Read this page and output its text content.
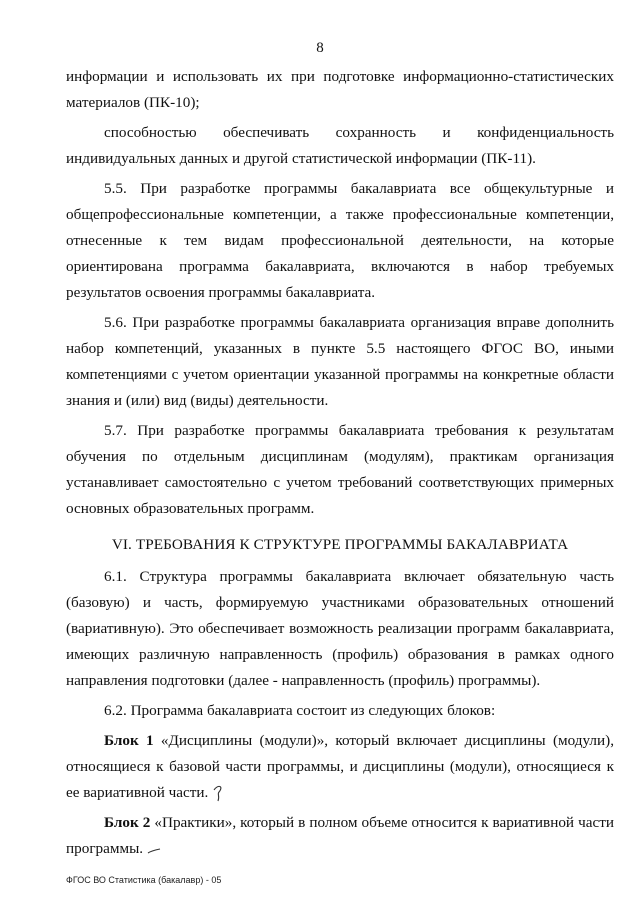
8

информации и использовать их при подготовке информационно-статистических материалов (ПК-10);

способностью обеспечивать сохранность и конфиденциальность индивидуальных данных и другой статистической информации (ПК-11).

5.5. При разработке программы бакалавриата все общекультурные и общепрофессиональные компетенции, а также профессиональные компетенции, отнесенные к тем видам профессиональной деятельности, на которые ориентирована программа бакалавриата, включаются в набор требуемых результатов освоения программы бакалавриата.

5.6. При разработке программы бакалавриата организация вправе дополнить набор компетенций, указанных в пункте 5.5 настоящего ФГОС ВО, иными компетенциями с учетом ориентации указанной программы на конкретные области знания и (или) вид (виды) деятельности.

5.7. При разработке программы бакалавриата требования к результатам обучения по отдельным дисциплинам (модулям), практикам организация устанавливает самостоятельно с учетом требований соответствующих примерных основных образовательных программ.

VI. ТРЕБОВАНИЯ К СТРУКТУРЕ ПРОГРАММЫ БАКАЛАВРИАТА

6.1. Структура программы бакалавриата включает обязательную часть (базовую) и часть, формируемую участниками образовательных отношений (вариативную). Это обеспечивает возможность реализации программ бакалавриата, имеющих различную направленность (профиль) образования в рамках одного направления подготовки (далее - направленность (профиль) программы).

6.2. Программа бакалавриата состоит из следующих блоков:

Блок 1 «Дисциплины (модули)», который включает дисциплины (модули), относящиеся к базовой части программы, и дисциплины (модули), относящиеся к ее вариативной части.

Блок 2 «Практики», который в полном объеме относится к вариативной части программы.

ФГОС ВО Статистика (бакалавр) - 05
